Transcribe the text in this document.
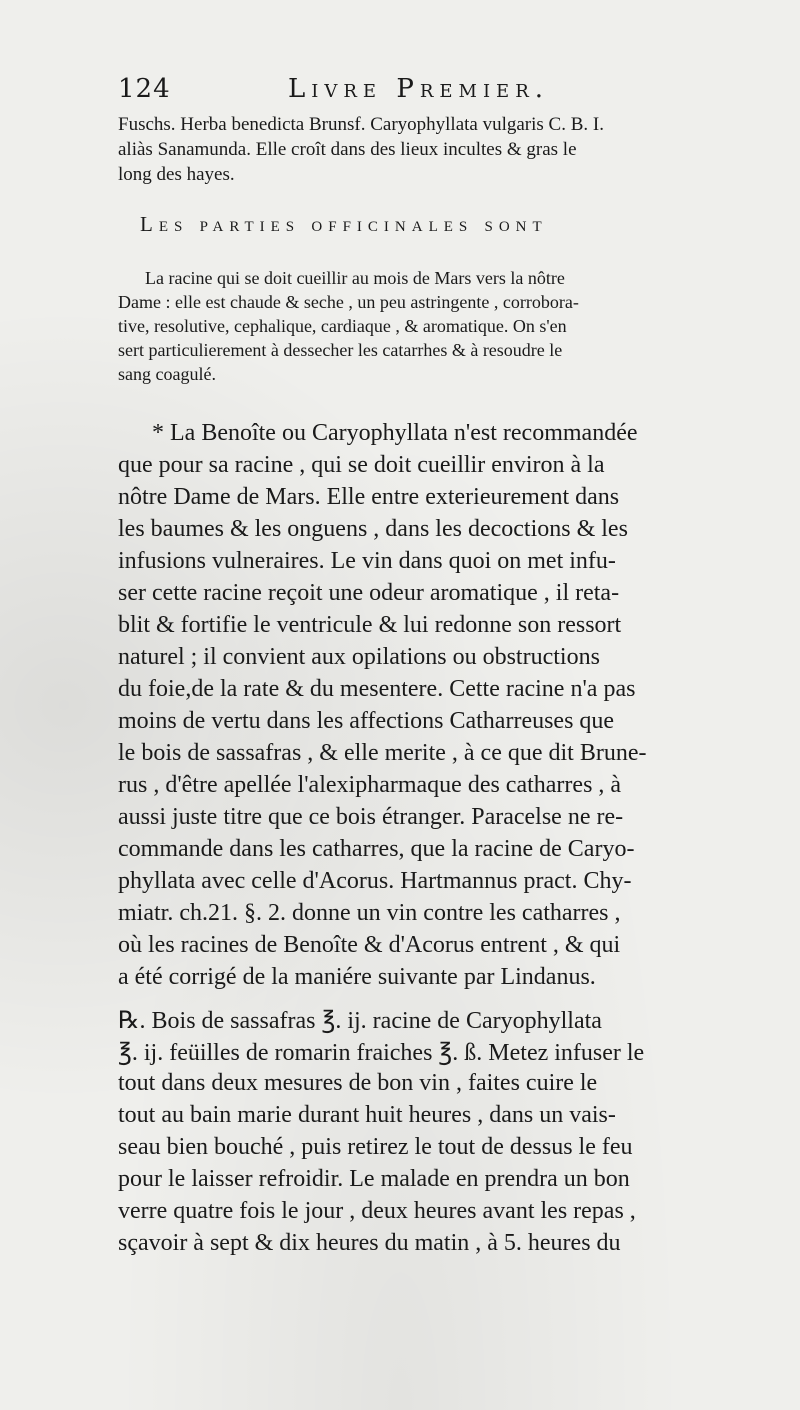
124	Livre Premier.
Fuschs. Herba benedicta Brunsf. Caryophyllata vulgaris C. B. I.
aliàs Sanamunda. Elle croît dans des lieux incultes & gras le
long des hayes.
Les parties officinales sont
La racine qui se doit cueillir au mois de Mars vers la nôtre
Dame : elle est chaude & seche , un peu astringente , corrobora-
tive, resolutive, cephalique, cardiaque , & aromatique. On s'en
sert particulierement à dessecher les catarrhes & à resoudre le
sang coagulé.
* La Benoîte ou Caryophyllata n'est recommandée
que pour sa racine , qui se doit cueillir environ à la
nôtre Dame de Mars. Elle entre exterieurement dans
les baumes & les onguens , dans les decoctions & les
infusions vulneraires. Le vin dans quoi on met infu-
ser cette racine reçoit une odeur aromatique , il reta-
blit & fortifie le ventricule & lui redonne son ressort
naturel ; il convient aux opilations ou obstructions
du foie,de la rate & du mesentere. Cette racine n'a pas
moins de vertu dans les affections Catharreuses que
le bois de sassafras , & elle merite , à ce que dit Brune-
rus , d'être apellée l'alexipharmaque des catharres , à
aussi juste titre que ce bois étranger. Paracelse ne re-
commande dans les catharres, que la racine de Caryo-
phyllata avec celle d'Acorus. Hartmannus pract. Chy-
miatr. ch.21. §. 2. donne un vin contre les catharres ,
où les racines de Benoîte & d'Acorus entrent , & qui
a été corrigé de la maniére suivante par Lindanus.
℞. Bois de sassafras ℥. ij. racine de Caryophyllata
℥. ij. feüilles de romarin fraiches ℥. ß. Metez infuser le
tout dans deux mesures de bon vin , faites cuire le
tout au bain marie durant huit heures , dans un vais-
seau bien bouché , puis retirez le tout de dessus le feu
pour le laisser refroidir. Le malade en prendra un bon
verre quatre fois le jour , deux heures avant les repas ,
sçavoir à sept & dix heures du matin , à 5. heures du
